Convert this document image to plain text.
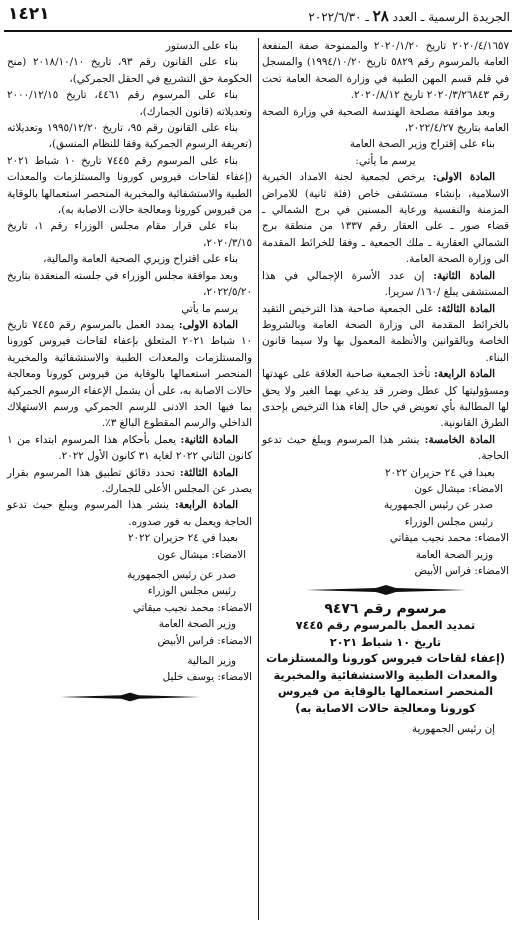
الجريدة الرسمية ـ العدد ٢٨ ـ ٢٠٢٢/٦/٣٠
١٤٢١

٢٠٢٠/٤/١٦٥٧ تاريخ ٢٠٢٠/١/٢٠ والممنوحة صفة المنفعة العامة بالمرسوم رقم ٥٨٢٩ تاريخ ١٩٩٤/١٠/٢٠) والمسجل في قلم قسم المهن الطبية في وزارة الصحة العامة تحت رقم ٢٠٢٠/٣/٢٦٨٤٣ تاريخ ٢٠٢٠/٨/١٢.

وبعد موافقة مصلحة الهندسة الصحية في وزارة الصحة العامة بتاريخ ٢٠٢٢/٤/٢٧،

بناء على إقتراح وزير الصحة العامة

يرسم ما يأتي:

المادة الاولى: يرخص لجمعية لجنة الامداد الخيرية الاسلامية، بإنشاء مستشفى خاص (فئة ثانية) للامراض المزمنة والنفسية ورعاية المسنين في برج الشمالي ـ قضاء صور ـ على العقار رقم ١٣٣٧ من منطقة برج الشمالي العقارية ـ ملك الجمعية ـ وفقا للخرائط المقدمة الى وزارة الصحة العامة.

المادة الثانية: إن عدد الأسرة الإجمالي في هذا المستشفى يبلغ /١٦٠/ سريرا.

المادة الثالثة: على الجمعية صاحبة هذا الترخيص التقيد بالخرائط المقدمة الى وزارة الصحة العامة وبالشروط الخاصة وبالقوانين والأنظمة المعمول بها ولا سيما قانون البناء.

المادة الرابعة: تأخذ الجمعية صاحبة العلاقة على عهدتها ومسؤوليتها كل عطل وضرر قد يدعي بهما الغير ولا يحق لها المطالبة بأي تعويض في حال إلغاء هذا الترخيص بإحدى الطرق القانونية.

المادة الخامسة: ينشر هذا المرسوم ويبلغ حيث تدعو الحاجة.

بعبدا في ٢٤ حزيران ٢٠٢٢

الامضاء: ميشال عون

صدر عن رئيس الجمهورية

رئيس مجلس الوزراء

الامضاء: محمد نجيب ميقاتي

وزير الصحة العامة

الامضاء: فراس الأبيض

مرسوم رقم ٩٤٧٦

تمديد العمل بالمرسوم رقم ٧٤٤٥

تاريخ ١٠ شباط ٢٠٢١

(إعفاء لقاحات فيروس كورونا والمستلزمات والمعدات الطبية والاستشفائية والمخبرية المنحصر استعمالها بالوقاية من فيروس كورونا ومعالجة حالات الاصابة به)

إن رئيس الجمهورية

بناء على الدستور

بناء على القانون رقم ٩٣، تاريخ ٢٠١٨/١٠/١٠ (منح الحكومة حق التشريع في الحقل الجمركي)،

بناء على المرسوم رقم ٤٤٦١، تاريخ ٢٠٠٠/١٢/١٥ وتعديلاته (قانون الجمارك)،

بناء على القانون رقم ٩٥، تاريخ ١٩٩٥/١٢/٢٠ وتعديلاته (تعريفة الرسوم الجمركية وفقا للنظام المنسق)،

بناء على المرسوم رقم ٧٤٤٥ تاريخ ١٠ شباط ٢٠٢١ (إعفاء لقاحات فيروس كورونا والمستلزمات والمعدات الطبية والاستشفائية والمخبرية المنحصر استعمالها بالوقاية من فيروس كورونا ومعالجة حالات الاصابة به)،

بناء على قرار مقام مجلس الوزراء رقم ١، تاريخ ٢٠٢٠/٣/١٥،

بناء على اقتراح وزيري الصحية العامة والمالية،

وبعد موافقة مجلس الوزراء في جلسته المنعقدة بتاريخ ٢٠٢٢/٥/٢٠،

يرسم ما يأتي

المادة الاولى: يمدد العمل بالمرسوم رقم ٧٤٤٥ تاريخ ١٠ شباط ٢٠٢١ المتعلق بإعفاء لقاحات فيروس كورونا والمستلزمات والمعدات الطبية والاستشفائية والمخبرية المنحصر استعمالها بالوقاية من فيروس كورونا ومعالجة حالات الاصابة به، على أن يشمل الإعفاء الرسوم الجمركية بما فيها الحد الادنى للرسم الجمركي ورسم الاستهلاك الداخلي والرسم المقطوع البالغ ٣٪.

المادة الثانية: يعمل بأحكام هذا المرسوم ابتداء من ١ كانون الثاني ٢٠٢٢ لغاية ٣١ كانون الأول ٢٠٢٢.

المادة الثالثة: تحدد دقائق تطبيق هذا المرسوم بقرار يصدر عن المجلس الأعلى للجمارك.

المادة الرابعة: ينشر هذا المرسوم ويبلغ حيث تدعو الحاجة ويعمل به فور صدوره.

بعبدا في ٢٤ حزيران ٢٠٢٢

الامضاء: ميشال عون

صدر عن رئيس الجمهورية

رئيس مجلس الوزراء

الامضاء: محمد نجيب ميقاتي

وزير الصحة العامة

الامضاء: فراس الأبيض

وزير المالية

الامضاء: يوسف خليل
